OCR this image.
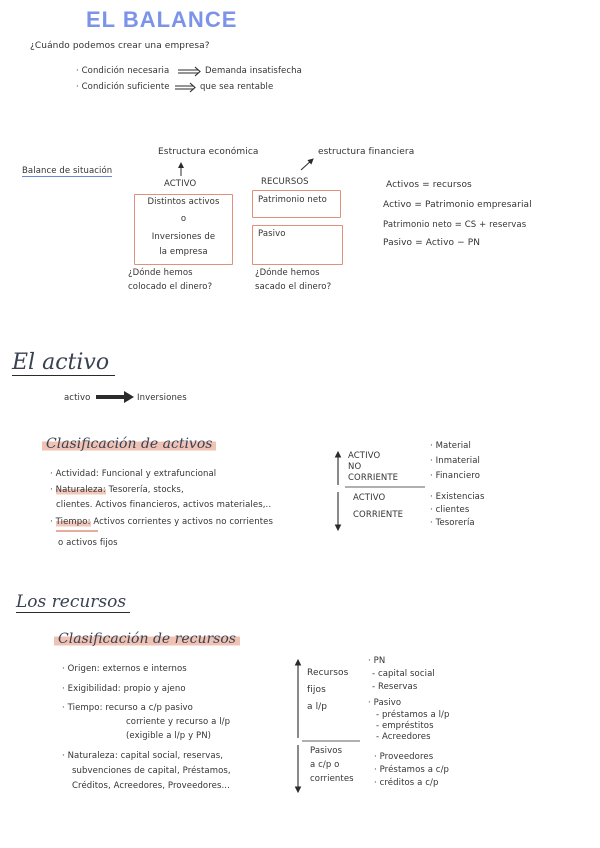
EL BALANCE
¿Cuándo podemos crear una empresa?
· Condición necesaria	Demanda insatisfecha
· Condición suficiente	que sea rentable
Balance de situación
Estructura económica	estructura financiera
ACTIVO	RECURSOS
Distintos activos
o
Inversiones de
la empresa
Patrimonio neto
Pasivo
¿Dónde hemos
colocado el dinero?
¿Dónde hemos
sacado el dinero?
Activos = recursos
Activo = Patrimonio empresarial
Patrimonio neto = CS + reservas
Pasivo = Activo − PN
El activo
activo	Inversiones
Clasificación de activos
· Actividad: Funcional y extrafuncional
· Naturaleza: Tesorería, stocks,
clientes. Activos financieros, activos materiales,..
· Tiempo: Activos corrientes y activos no corrientes
o activos fijos
ACTIVO
NO
CORRIENTE
· Material
· Inmaterial
· Financiero
ACTIVO
CORRIENTE
· Existencias
· clientes
· Tesorería
Los recursos
Clasificación de recursos
· Origen: externos e internos
· Exigibilidad: propio y ajeno
· Tiempo: recurso a c/p pasivo
corriente y recurso a l/p
(exigible a l/p y PN)
· Naturaleza: capital social, reservas,
subvenciones de capital, Préstamos,
Créditos, Acreedores, Proveedores...
Recursos
fijos
a l/p
· PN
- capital social
- Reservas
· Pasivo
- préstamos a l/p
- empréstitos
- Acreedores
Pasivos
a c/p o
corrientes
· Proveedores
· Préstamos a c/p
· créditos a c/p
